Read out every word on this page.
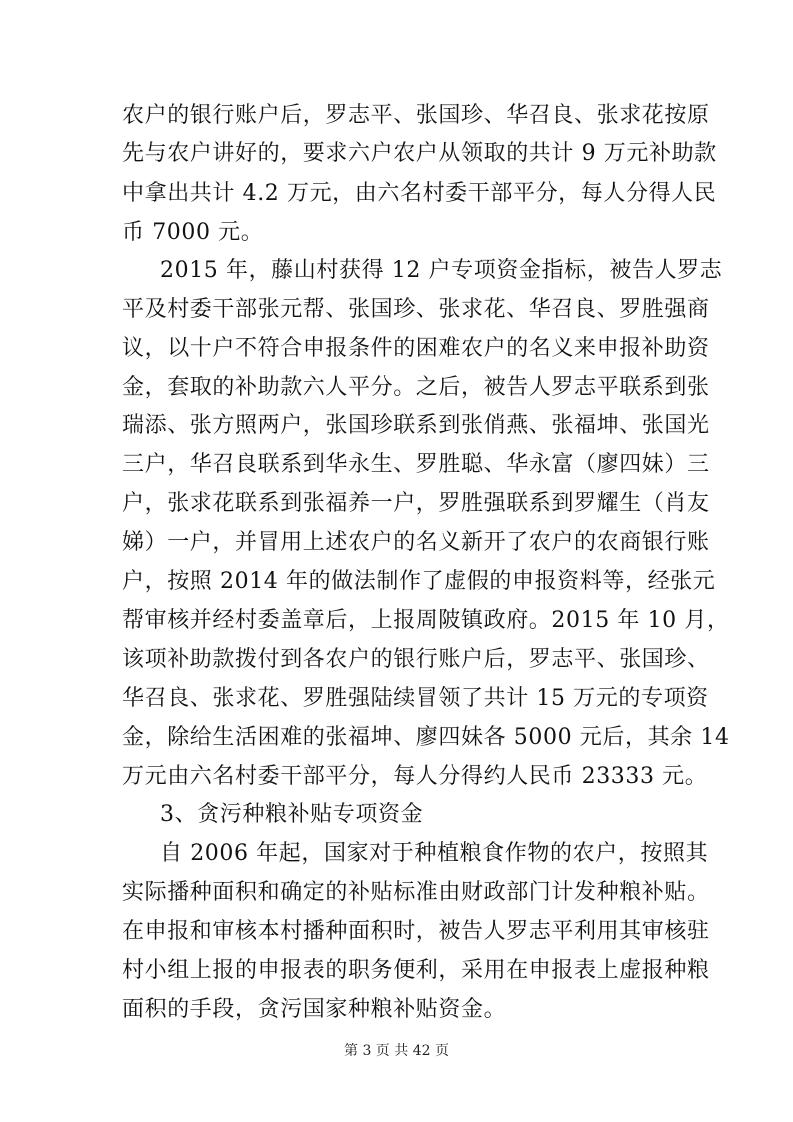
农户的银行账户后，罗志平、张国珍、华召良、张求花按原
先与农户讲好的，要求六户农户从领取的共计 9 万元补助款
中拿出共计 4.2 万元，由六名村委干部平分，每人分得人民
币 7000 元。
2015 年，藤山村获得 12 户专项资金指标，被告人罗志
平及村委干部张元帮、张国珍、张求花、华召良、罗胜强商
议，以十户不符合申报条件的困难农户的名义来申报补助资
金，套取的补助款六人平分。之后，被告人罗志平联系到张
瑞添、张方照两户，张国珍联系到张俏燕、张福坤、张国光
三户，华召良联系到华永生、罗胜聪、华永富（廖四妹）三
户，张求花联系到张福养一户，罗胜强联系到罗耀生（肖友
娣）一户，并冒用上述农户的名义新开了农户的农商银行账
户，按照 2014 年的做法制作了虚假的申报资料等，经张元
帮审核并经村委盖章后，上报周陂镇政府。2015 年 10 月，
该项补助款拨付到各农户的银行账户后，罗志平、张国珍、
华召良、张求花、罗胜强陆续冒领了共计 15 万元的专项资
金，除给生活困难的张福坤、廖四妹各 5000 元后，其余 14
万元由六名村委干部平分，每人分得约人民币 23333 元。
3、贪污种粮补贴专项资金
自 2006 年起，国家对于种植粮食作物的农户，按照其
实际播种面积和确定的补贴标准由财政部门计发种粮补贴。
在申报和审核本村播种面积时，被告人罗志平利用其审核驻
村小组上报的申报表的职务便利，采用在申报表上虚报种粮
面积的手段，贪污国家种粮补贴资金。
第 3 页 共 42 页
